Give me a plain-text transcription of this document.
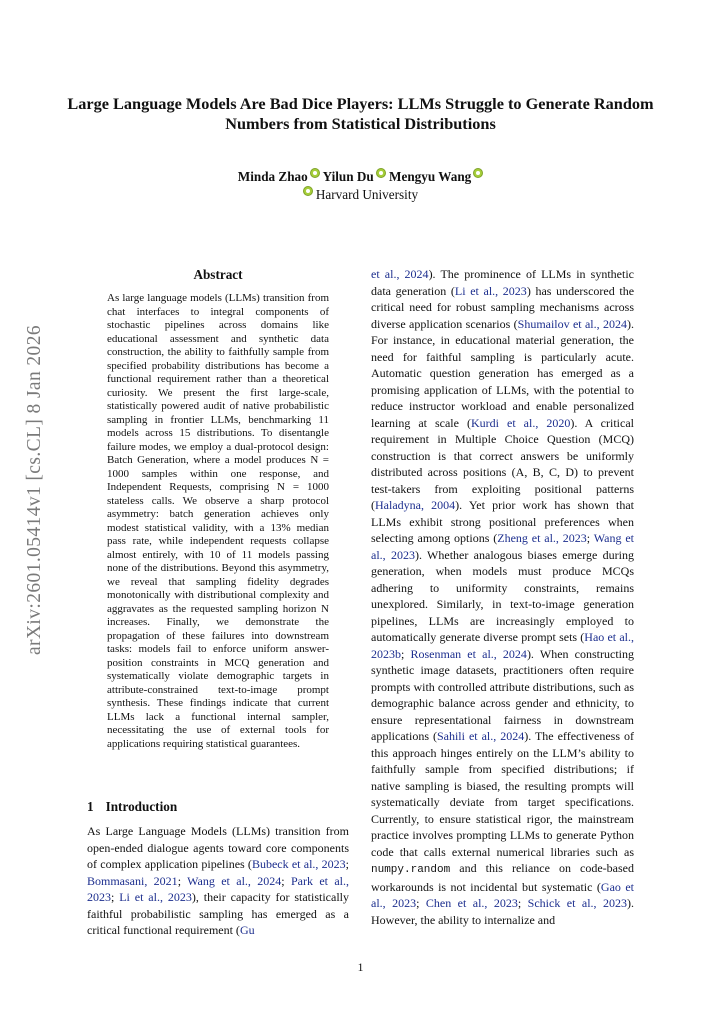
arXiv:2601.05414v1 [cs.CL] 8 Jan 2026
Large Language Models Are Bad Dice Players: LLMs Struggle to Generate Random Numbers from Statistical Distributions
Minda Zhao Yilun Du Mengyu Wang
Harvard University
Abstract

As large language models (LLMs) transition from chat interfaces to integral components of stochastic pipelines across domains like educational assessment and synthetic data construction, the ability to faithfully sample from specified probability distributions has become a functional requirement rather than a theoretical curiosity. We present the first large-scale, statistically powered audit of native probabilistic sampling in frontier LLMs, benchmarking 11 models across 15 distributions. To disentangle failure modes, we employ a dual-protocol design: Batch Generation, where a model produces N = 1000 samples within one response, and Independent Requests, comprising N = 1000 stateless calls. We observe a sharp protocol asymmetry: batch generation achieves only modest statistical validity, with a 13% median pass rate, while independent requests collapse almost entirely, with 10 of 11 models passing none of the distributions. Beyond this asymmetry, we reveal that sampling fidelity degrades monotonically with distributional complexity and aggravates as the requested sampling horizon N increases. Finally, we demonstrate the propagation of these failures into downstream tasks: models fail to enforce uniform answer-position constraints in MCQ generation and systematically violate demographic targets in attribute-constrained text-to-image prompt synthesis. These findings indicate that current LLMs lack a functional internal sampler, necessitating the use of external tools for applications requiring statistical guarantees.

1 Introduction

As Large Language Models (LLMs) transition from open-ended dialogue agents toward core components of complex application pipelines (Bubeck et al., 2023; Bommasani, 2021; Wang et al., 2024; Park et al., 2023; Li et al., 2023), their capacity for statistically faithful probabilistic sampling has emerged as a critical functional requirement (Gu

et al., 2024). The prominence of LLMs in synthetic data generation (Li et al., 2023) has underscored the critical need for robust sampling mechanisms across diverse application scenarios (Shumailov et al., 2024). For instance, in educational material generation, the need for faithful sampling is particularly acute. Automatic question generation has emerged as a promising application of LLMs, with the potential to reduce instructor workload and enable personalized learning at scale (Kurdi et al., 2020). A critical requirement in Multiple Choice Question (MCQ) construction is that correct answers be uniformly distributed across positions (A, B, C, D) to prevent test-takers from exploiting positional patterns (Haladyna, 2004). Yet prior work has shown that LLMs exhibit strong positional preferences when selecting among options (Zheng et al., 2023; Wang et al., 2023). Whether analogous biases emerge during generation, when models must produce MCQs adhering to uniformity constraints, remains unexplored. Similarly, in text-to-image generation pipelines, LLMs are increasingly employed to automatically generate diverse prompt sets (Hao et al., 2023b; Rosenman et al., 2024). When constructing synthetic image datasets, practitioners often require prompts with controlled attribute distributions, such as demographic balance across gender and ethnicity, to ensure representational fairness in downstream applications (Sahili et al., 2024). The effectiveness of this approach hinges entirely on the LLM’s ability to faithfully sample from specified distributions; if native sampling is biased, the resulting prompts will systematically deviate from target specifications. Currently, to ensure statistical rigor, the mainstream practice involves prompting LLMs to generate Python code that calls external numerical libraries such as numpy.random and this reliance on code-based workarounds is not incidental but systematic (Gao et al., 2023; Chen et al., 2023; Schick et al., 2023). However, the ability to internalize and

1
